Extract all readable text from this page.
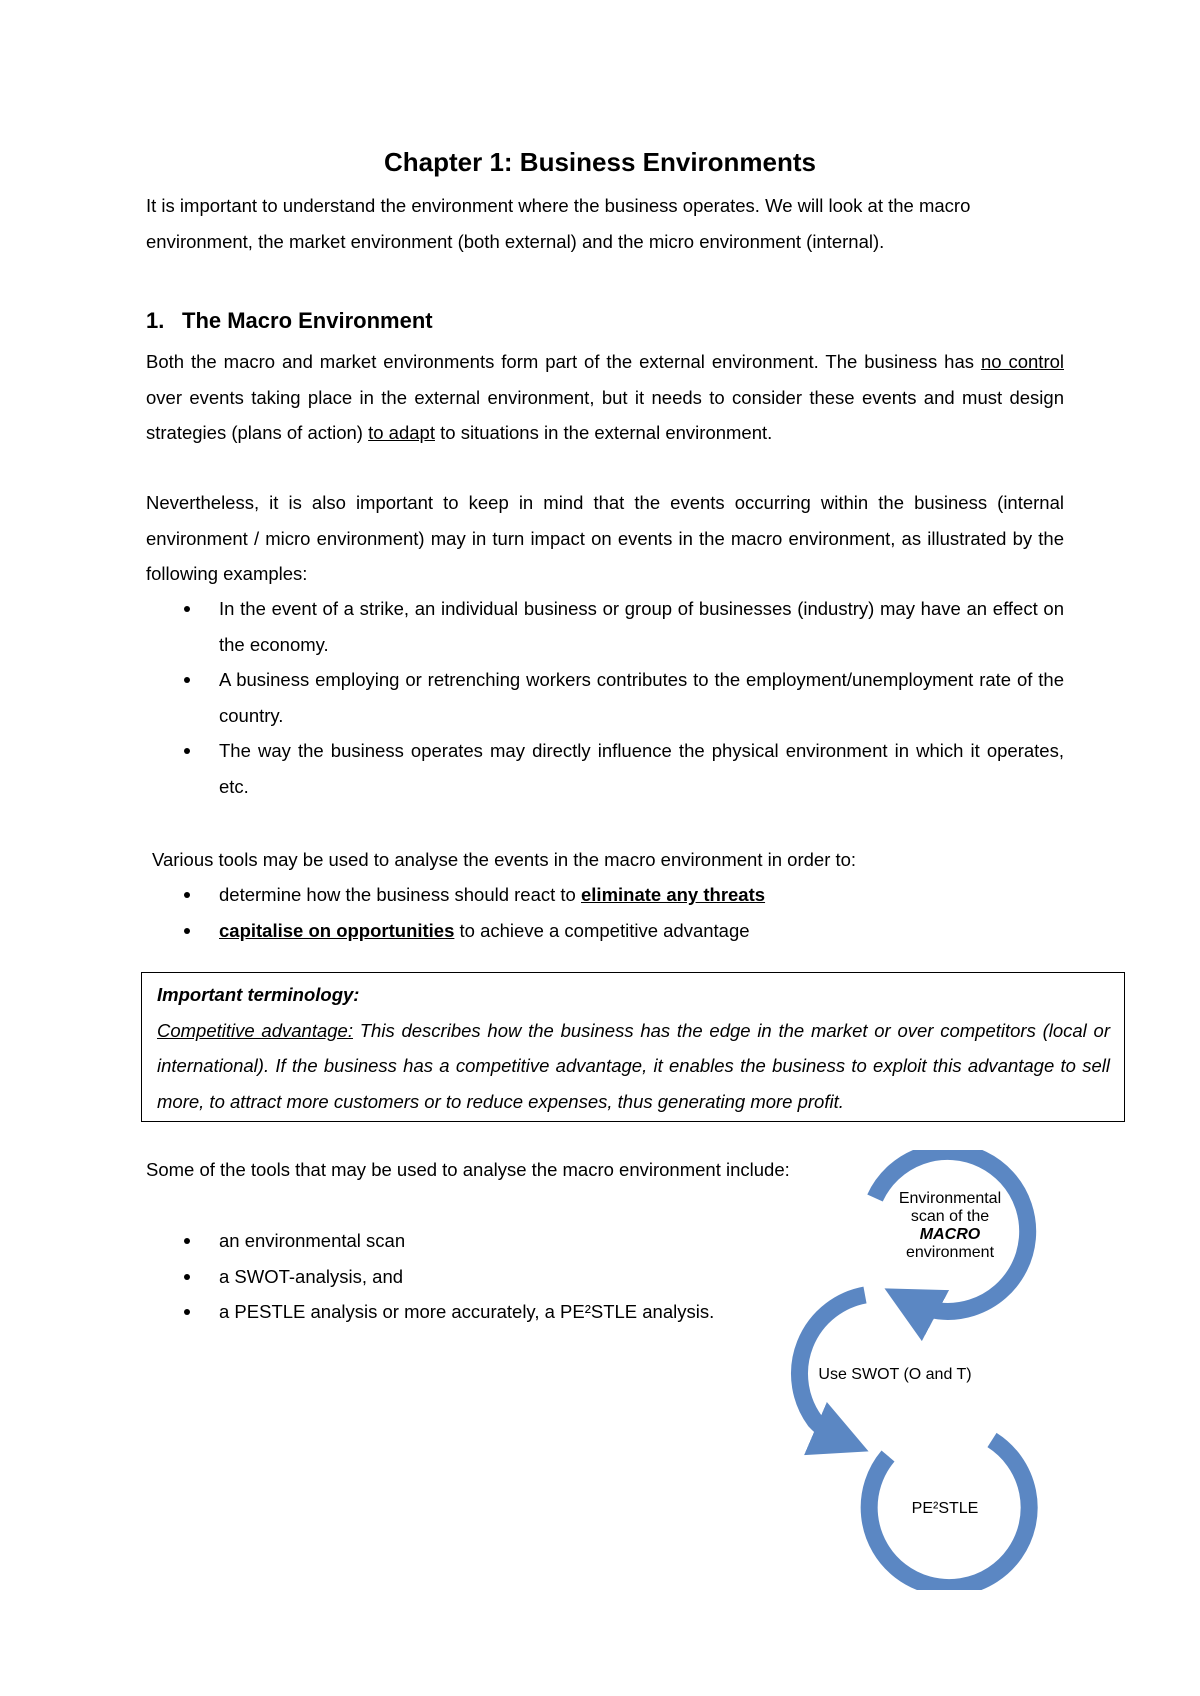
Chapter 1: Business Environments

It is important to understand the environment where the business operates. We will look at the macro environment, the market environment (both external) and the micro environment (internal).

1. The Macro Environment

Both the macro and market environments form part of the external environment. The business has no control over events taking place in the external environment, but it needs to consider these events and must design strategies (plans of action) to adapt to situations in the external environment.

Nevertheless, it is also important to keep in mind that the events occurring within the business (internal environment / micro environment) may in turn impact on events in the macro environment, as illustrated by the following examples:

In the event of a strike, an individual business or group of businesses (industry) may have an effect on the economy.
A business employing or retrenching workers contributes to the employment/unemployment rate of the country.
The way the business operates may directly influence the physical environment in which it operates, etc.

Various tools may be used to analyse the events in the macro environment in order to:

determine how the business should react to eliminate any threats
capitalise on opportunities to achieve a competitive advantage
Important terminology:

Competitive advantage: This describes how the business has the edge in the market or over competitors (local or international). If the business has a competitive advantage, it enables the business to exploit this advantage to sell more, to attract more customers or to reduce expenses, thus generating more profit.

Some of the tools that may be used to analyse the macro environment include:

an environmental scan
a SWOT-analysis, and
a PESTLE analysis or more accurately, a PE²STLE analysis.
Environmental
scan of the
MACRO
environment
Use SWOT (O and T)
PE²STLE
